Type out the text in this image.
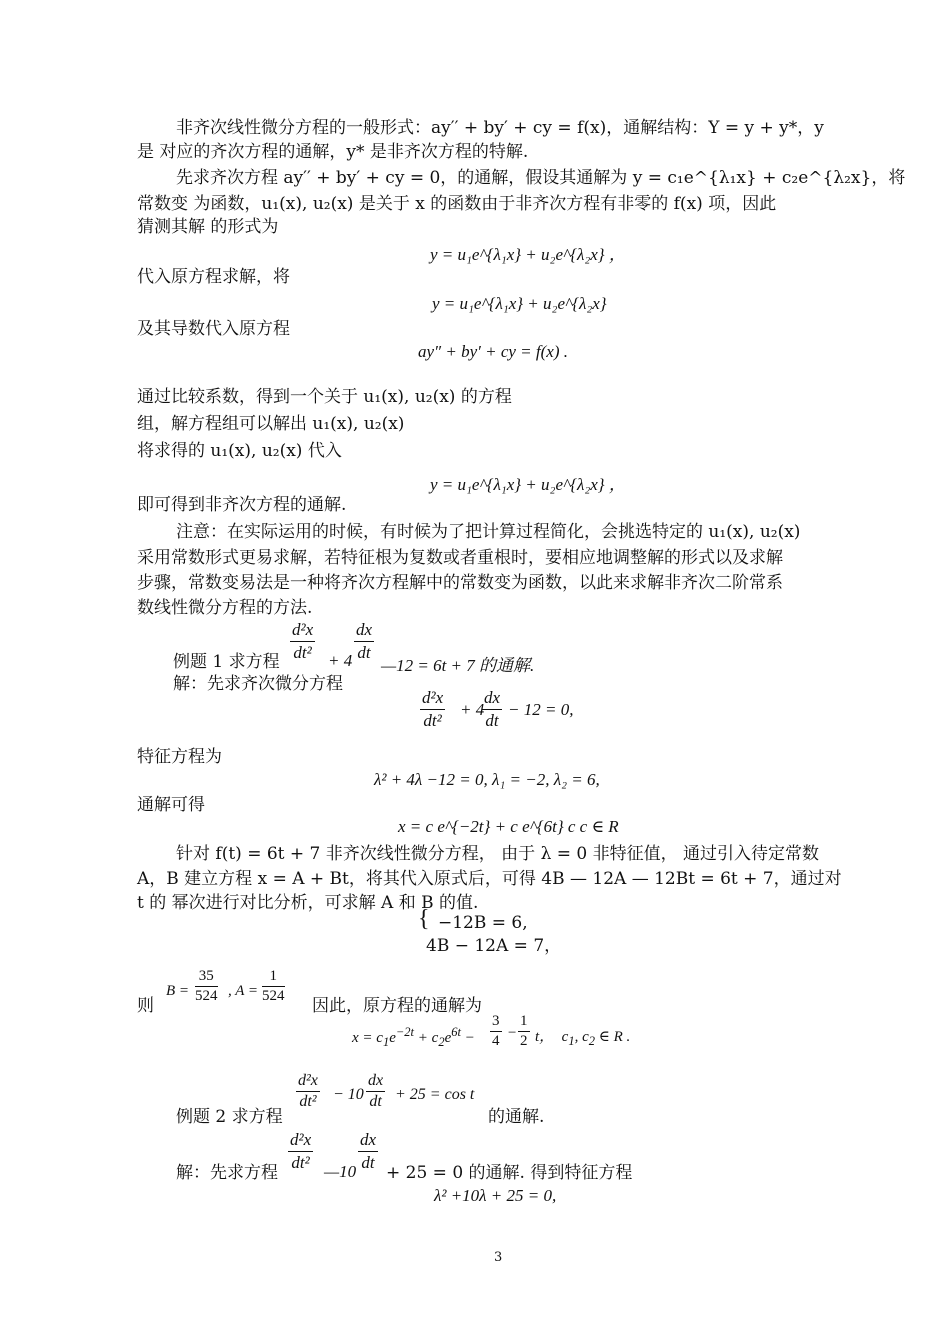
非齐次线性微分方程的一般形式：ay′′ + by′ + cy = f(x)，通解结构：Y = y + y*，y
是 对应的齐次方程的通解，y* 是非齐次方程的特解.
先求齐次方程 ay′′ + by′ + cy = 0，的通解，假设其通解为 y = c₁e^{λ₁x} + c₂e^{λ₂x}，将
常数变 为函数，u₁(x), u₂(x) 是关于 x 的函数由于非齐次方程有非零的 f(x) 项，因此
猜测其解 的形式为
y = u₁e^{λ₁x} + u₂e^{λ₂x} ，
代入原方程求解，将
y = u₁e^{λ₁x} + u₂e^{λ₂x}
及其导数代入原方程
ay″ + by′ + cy = f(x) .
通过比较系数，得到一个关于 u₁(x), u₂(x) 的方程
组，解方程组可以解出 u₁(x), u₂(x)
将求得的 u₁(x), u₂(x) 代入
y = u₁e^{λ₁x} + u₂e^{λ₂x} ，
即可得到非齐次方程的通解.
注意：在实际运用的时候，有时候为了把计算过程简化，会挑选特定的 u₁(x), u₂(x)
采用常数形式更易求解，若特征根为复数或者重根时，要相应地调整解的形式以及求解
步骤，常数变易法是一种将齐次方程解中的常数变为函数，以此来求解非齐次二阶常系
数线性微分方程的方法.
例题 1 求方程 $\frac{\text{d²x}}{\text{dt²}} + 4 \frac{dx}{dt}$
—12 = 6t + 7 的通解.
解：先求齐次微分方程
$\frac{\text{d²x}}{\text{dt²}} + 4$
$\frac{dx}{dt} - 12 = 0$,
特征方程为
λ² + 4λ −12 = 0, λ₁ = −2, λ₂ = 6,
通解可得
x = c e^{−2t} + c e^{6t} c c ∈ R
针对 f(t) = 6t + 7 非齐次线性微分方程， 由于 λ = 0 非特征值， 通过引入待定常数
A，B 建立方程 x = A + Bt，将其代入原式后，可得 4B — 12A — 12Bt = 6t + 7，通过对
t 的 幂次进行对比分析，可求解 A 和 B 的值.
{ −12B = 6,
4B − 12A = 7，
则
$B = \frac{35}{524}$ , $A = \frac{1}{524}$
因此，原方程的通解为
$x = c_1e^{-2t} + c_2e^{6t} - \frac{3}{4} - \frac{1}{2}$ t，  $c_1$, $c_2$ ∈ R .
例题 2 求方程
$\frac{\text{d²x}}{\text{dt²}} - 10 \frac{dx}{dt} + 25 = \cos t$
的通解.
解：先求方程 $\frac{\text{d²x}}{\text{dt²}}$ —10 $\frac{dx}{dt} + 25 = 0$ 的通解. 得到特征方程
λ² +10λ + 25 = 0,
3
